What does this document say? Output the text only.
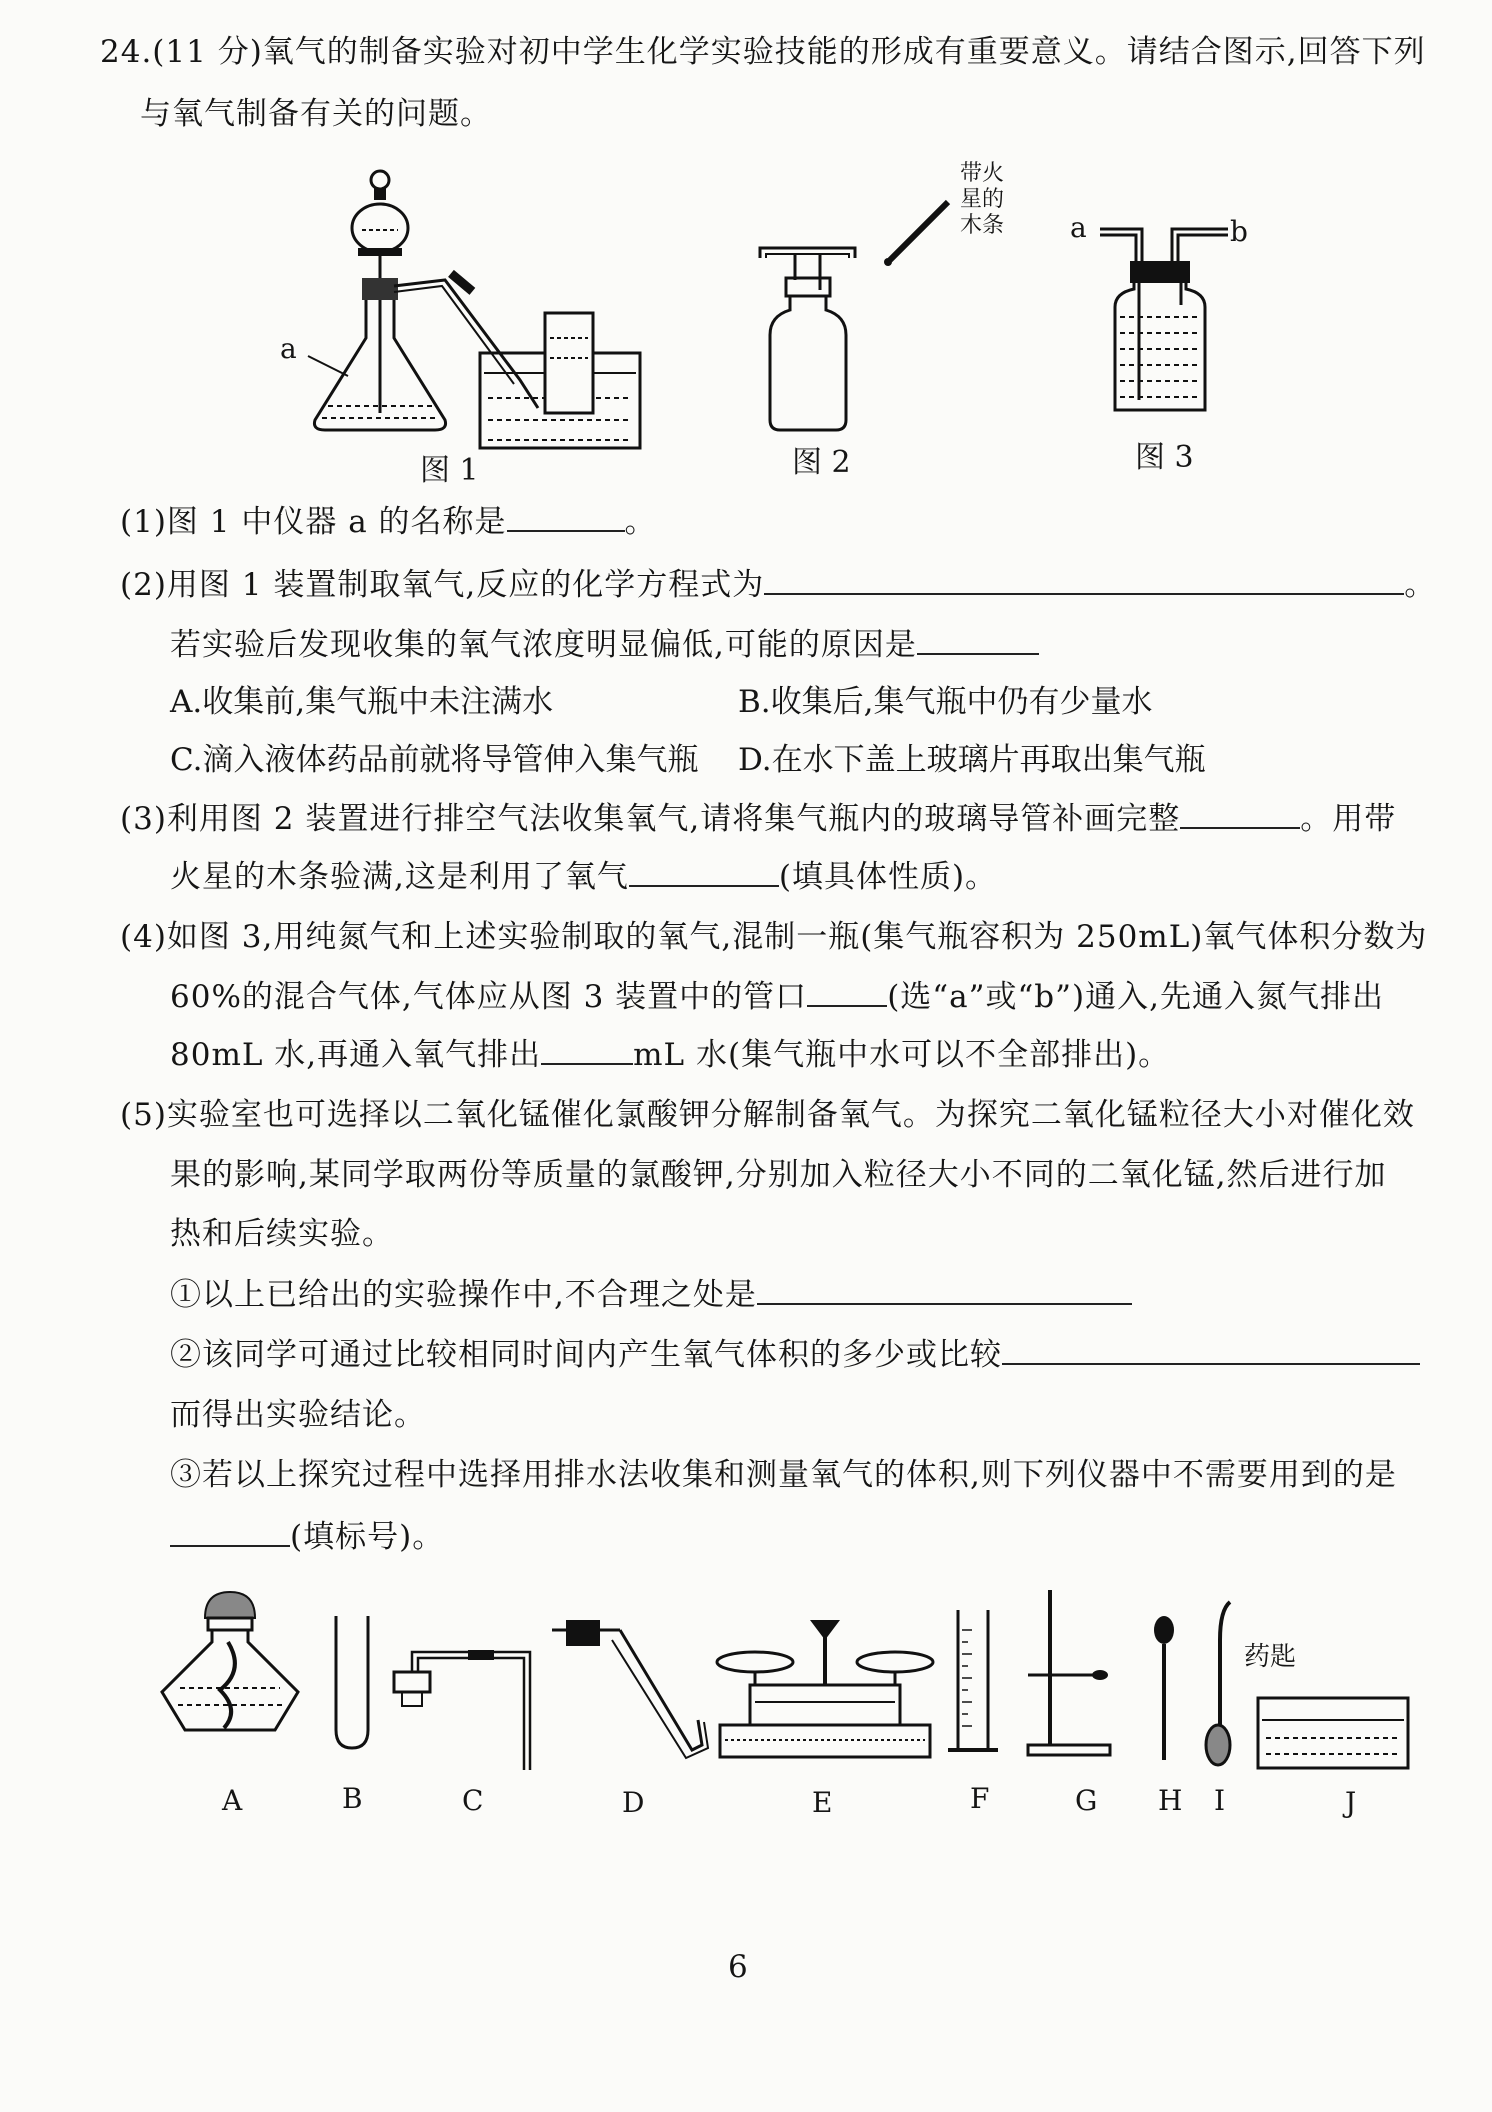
24.(11 分)氧气的制备实验对初中学生化学实验技能的形成有重要意义。请结合图示,回答下列
与氧气制备有关的问题。
a
图 1
带火
星的
木条
图 2
a	b
图 3
(1)图 1 中仪器 a 的名称是	。
(2)用图 1 装置制取氧气,反应的化学方程式为	。
若实验后发现收集的氧气浓度明显偏低,可能的原因是
A.收集前,集气瓶中未注满水	B.收集后,集气瓶中仍有少量水
C.滴入液体药品前就将导管伸入集气瓶 D.在水下盖上玻璃片再取出集气瓶
(3)利用图 2 装置进行排空气法收集氧气,请将集气瓶内的玻璃导管补画完整	。用带
火星的木条验满,这是利用了氧气	(填具体性质)。
(4)如图 3,用纯氮气和上述实验制取的氧气,混制一瓶(集气瓶容积为 250mL)氧气体积分数为
60%的混合气体,气体应从图 3 装置中的管口	(选“a”或“b”)通入,先通入氮气排出
80mL 水,再通入氧气排出	mL 水(集气瓶中水可以不全部排出)。
(5)实验室也可选择以二氧化锰催化氯酸钾分解制备氧气。为探究二氧化锰粒径大小对催化效
果的影响,某同学取两份等质量的氯酸钾,分别加入粒径大小不同的二氧化锰,然后进行加
热和后续实验。
①以上已给出的实验操作中,不合理之处是
②该同学可通过比较相同时间内产生氧气体积的多少或比较
而得出实验结论。
③若以上探究过程中选择用排水法收集和测量氧气的体积,则下列仪器中不需要用到的是
(填标号)。
药匙
A	B	C	D	E	F	G H I	J
6
